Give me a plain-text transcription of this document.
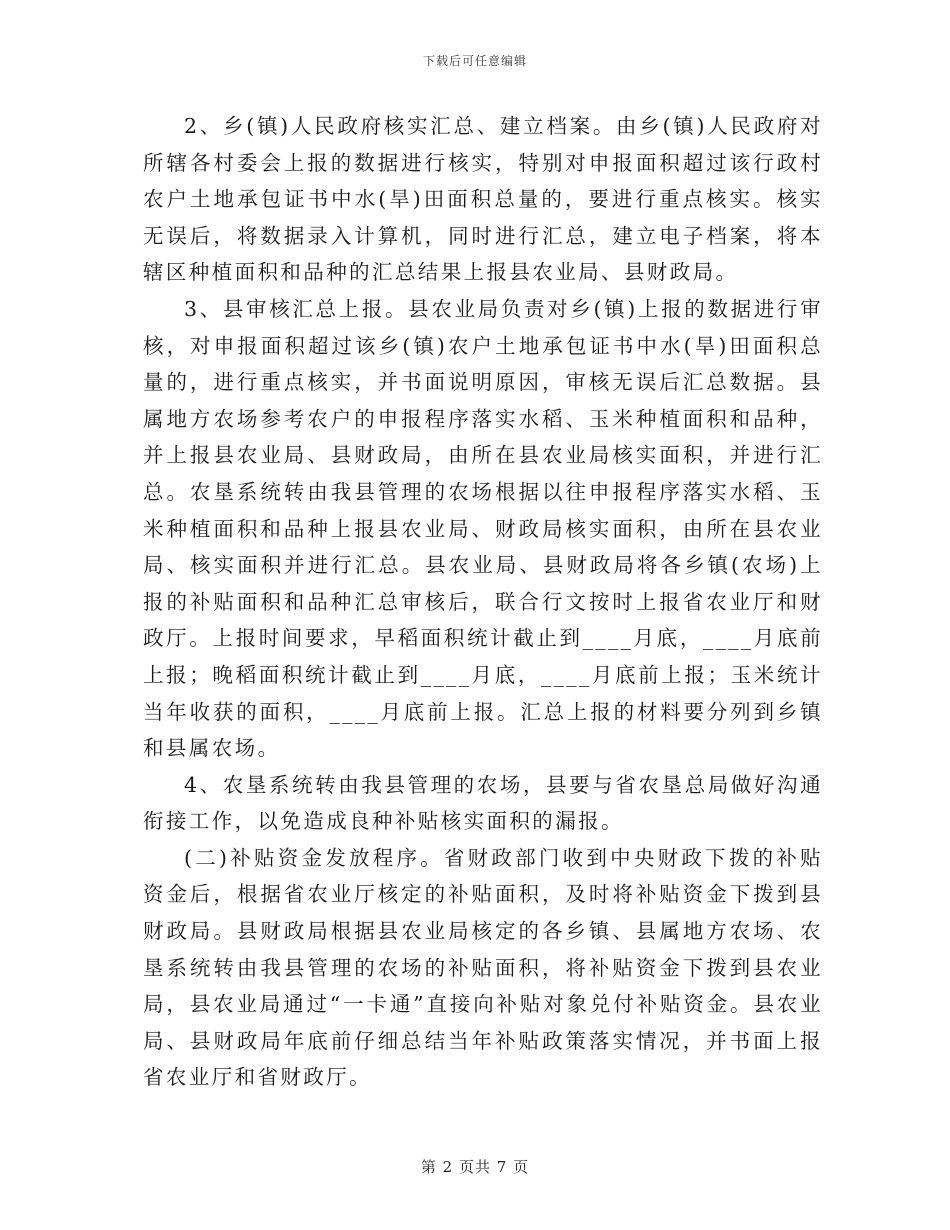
下载后可任意编辑

2、乡(镇)人民政府核实汇总、建立档案。由乡(镇)人民政府对所辖各村委会上报的数据进行核实，特别对申报面积超过该行政村农户土地承包证书中水(旱)田面积总量的，要进行重点核实。核实无误后，将数据录入计算机，同时进行汇总，建立电子档案，将本辖区种植面积和品种的汇总结果上报县农业局、县财政局。

3、县审核汇总上报。县农业局负责对乡(镇)上报的数据进行审核，对申报面积超过该乡(镇)农户土地承包证书中水(旱)田面积总量的，进行重点核实，并书面说明原因，审核无误后汇总数据。县属地方农场参考农户的申报程序落实水稻、玉米种植面积和品种，并上报县农业局、县财政局，由所在县农业局核实面积，并进行汇总。农垦系统转由我县管理的农场根据以往申报程序落实水稻、玉米种植面积和品种上报县农业局、财政局核实面积，由所在县农业局、核实面积并进行汇总。县农业局、县财政局将各乡镇(农场)上报的补贴面积和品种汇总审核后，联合行文按时上报省农业厅和财政厅。上报时间要求，早稻面积统计截止到____月底，____月底前上报；晚稻面积统计截止到____月底，____月底前上报；玉米统计当年收获的面积，____月底前上报。汇总上报的材料要分列到乡镇和县属农场。

4、农垦系统转由我县管理的农场，县要与省农垦总局做好沟通衔接工作，以免造成良种补贴核实面积的漏报。

(二)补贴资金发放程序。省财政部门收到中央财政下拨的补贴资金后，根据省农业厅核定的补贴面积，及时将补贴资金下拨到县财政局。县财政局根据县农业局核定的各乡镇、县属地方农场、农垦系统转由我县管理的农场的补贴面积，将补贴资金下拨到县农业局，县农业局通过“一卡通”直接向补贴对象兑付补贴资金。县农业局、县财政局年底前仔细总结当年补贴政策落实情况，并书面上报省农业厅和省财政厅。

第 2 页共 7 页
